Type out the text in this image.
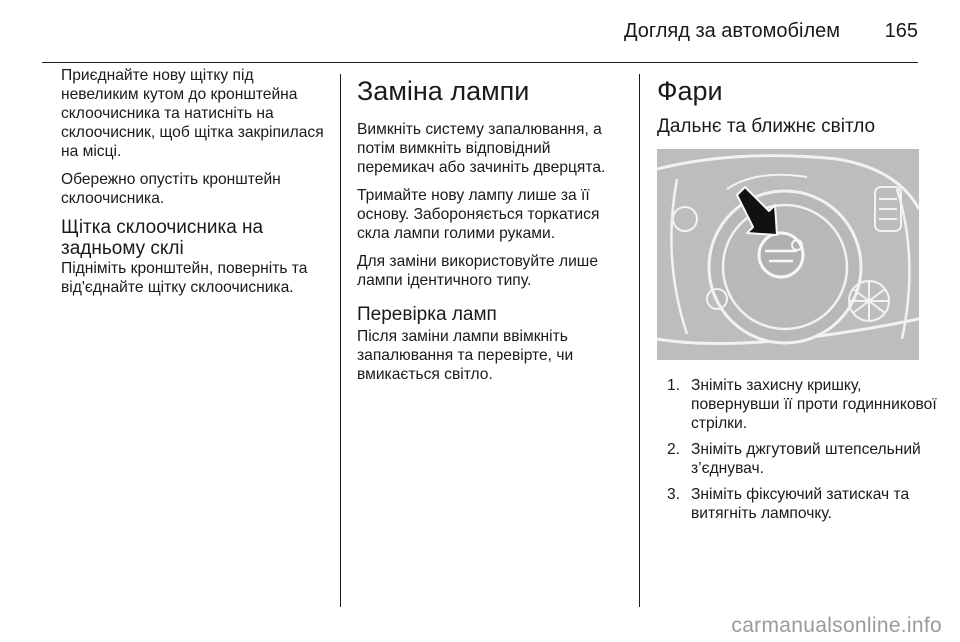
Догляд за автомобілем 165

Приєднайте нову щітку під невеликим кутом до кронштейна склоочисника та натисніть на склоочисник, щоб щітка закріпилася на місці.

Обережно опустіть кронштейн склоочисника.

Щітка склоочисника на задньому склі

Підніміть кронштейн, поверніть та від'єднайте щітку склоочисника.

Заміна лампи

Вимкніть систему запалювання, а потім вимкніть відповідний перемикач або зачиніть дверцята.

Тримайте нову лампу лише за її основу. Забороняється торкатися скла лампи голими руками.

Для заміни використовуйте лише лампи ідентичного типу.

Перевірка ламп

Після заміни лампи ввімкніть запалювання та перевірте, чи вмикається світло.

Фари
Дальнє та ближнє світло
1. Зніміть захисну кришку, повернувши її проти годинникової стрілки.
2. Зніміть джгутовий штепсельний з’єднувач.
3. Зніміть фіксуючий затискач та витягніть лампочку.
carmanualsonline.info
